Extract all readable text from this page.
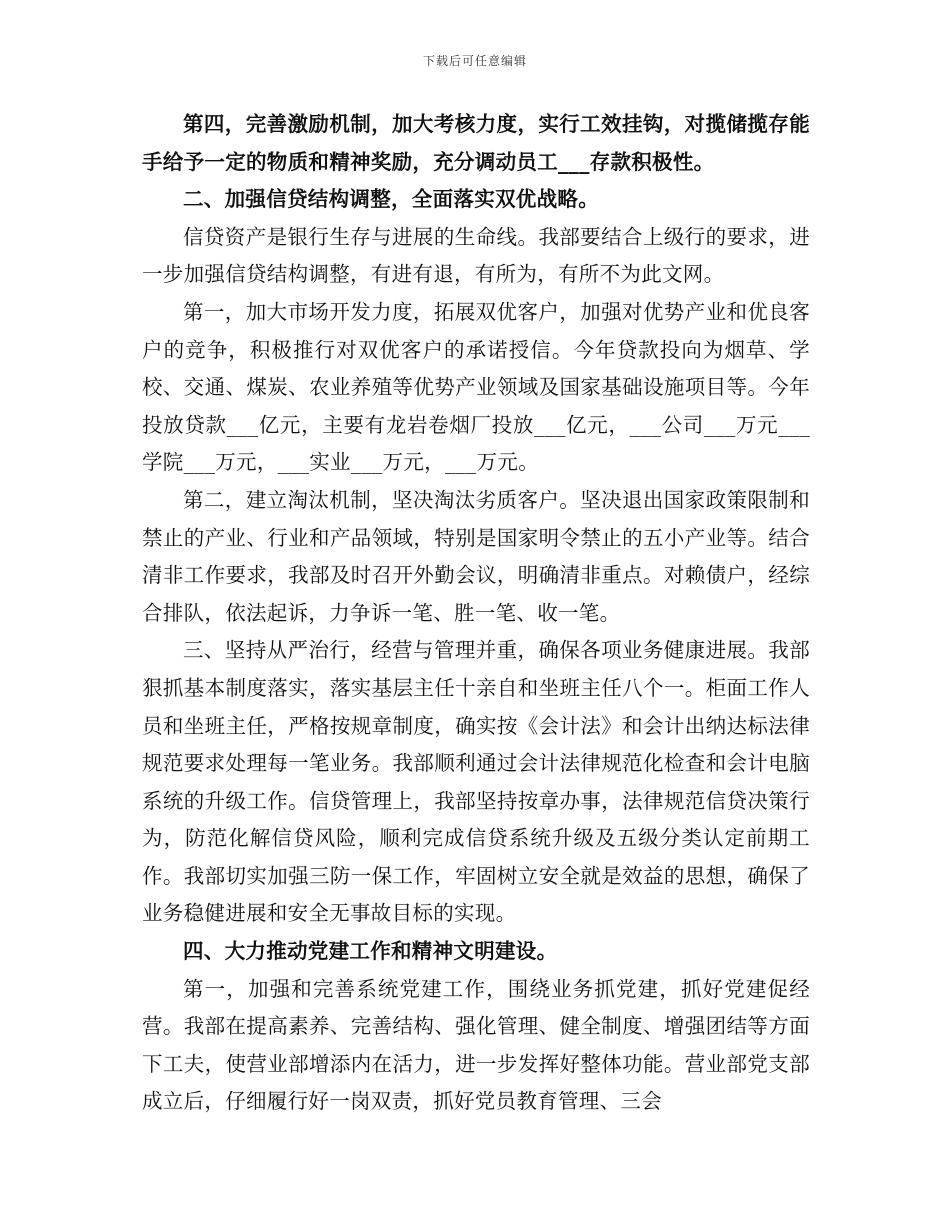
下载后可任意编辑

第四，完善激励机制，加大考核力度，实行工效挂钩，对揽储揽存能手给予一定的物质和精神奖励，充分调动员工___存款积极性。

二、加强信贷结构调整，全面落实双优战略。

信贷资产是银行生存与进展的生命线。我部要结合上级行的要求，进一步加强信贷结构调整，有进有退，有所为，有所不为此文网。

第一，加大市场开发力度，拓展双优客户，加强对优势产业和优良客户的竞争，积极推行对双优客户的承诺授信。今年贷款投向为烟草、学校、交通、煤炭、农业养殖等优势产业领域及国家基础设施项目等。今年投放贷款___亿元，主要有龙岩卷烟厂投放___亿元，___公司___万元___学院___万元，___实业___万元，___万元。

第二，建立淘汰机制，坚决淘汰劣质客户。坚决退出国家政策限制和禁止的产业、行业和产品领域，特别是国家明令禁止的五小产业等。结合清非工作要求，我部及时召开外勤会议，明确清非重点。对赖债户，经综合排队，依法起诉，力争诉一笔、胜一笔、收一笔。

三、坚持从严治行，经营与管理并重，确保各项业务健康进展。我部狠抓基本制度落实，落实基层主任十亲自和坐班主任八个一。柜面工作人员和坐班主任，严格按规章制度，确实按《会计法》和会计出纳达标法律规范要求处理每一笔业务。我部顺利通过会计法律规范化检查和会计电脑系统的升级工作。信贷管理上，我部坚持按章办事，法律规范信贷决策行为，防范化解信贷风险，顺利完成信贷系统升级及五级分类认定前期工作。我部切实加强三防一保工作，牢固树立安全就是效益的思想，确保了业务稳健进展和安全无事故目标的实现。

四、大力推动党建工作和精神文明建设。

第一，加强和完善系统党建工作，围绕业务抓党建，抓好党建促经营。我部在提高素养、完善结构、强化管理、健全制度、增强团结等方面下工夫，使营业部增添内在活力，进一步发挥好整体功能。营业部党支部成立后，仔细履行好一岗双责，抓好党员教育管理、三会
